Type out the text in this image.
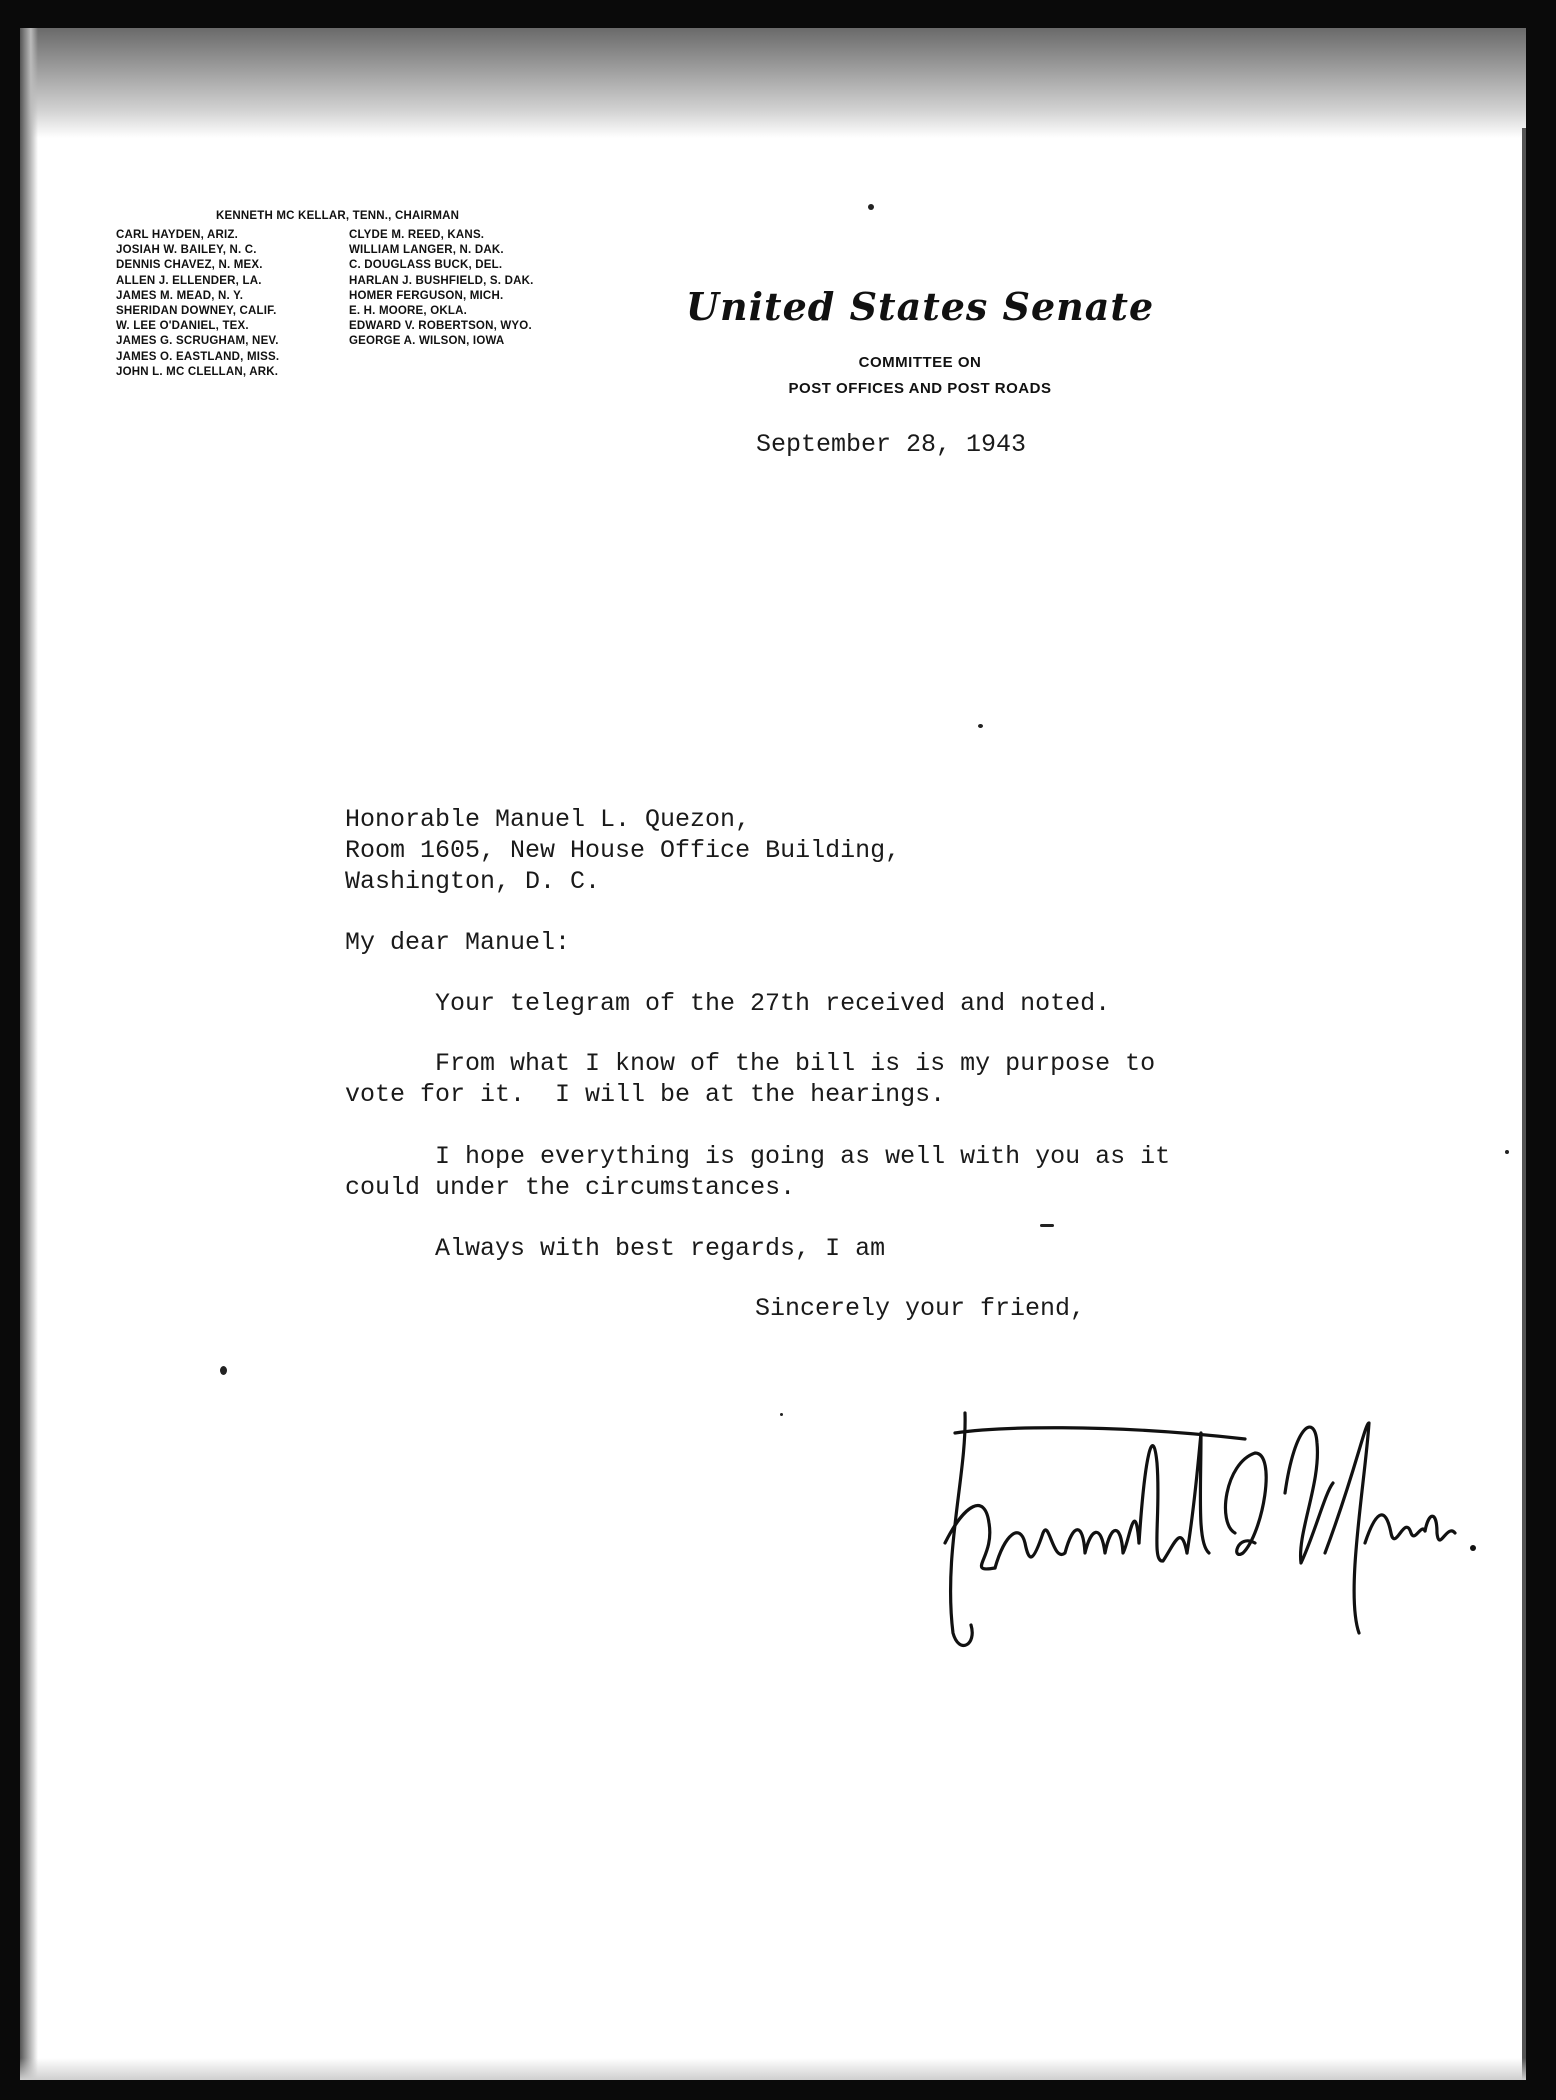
KENNETH MC KELLAR, TENN., CHAIRMAN
CARL HAYDEN, ARIZ.
JOSIAH W. BAILEY, N. C.
DENNIS CHAVEZ, N. MEX.
ALLEN J. ELLENDER, LA.
JAMES M. MEAD, N. Y.
SHERIDAN DOWNEY, CALIF.
W. LEE O'DANIEL, TEX.
JAMES G. SCRUGHAM, NEV.
JAMES O. EASTLAND, MISS.
JOHN L. MC CLELLAN, ARK.
CLYDE M. REED, KANS.
WILLIAM LANGER, N. DAK.
C. DOUGLASS BUCK, DEL.
HARLAN J. BUSHFIELD, S. DAK.
HOMER FERGUSON, MICH.
E. H. MOORE, OKLA.
EDWARD V. ROBERTSON, WYO.
GEORGE A. WILSON, IOWA
United States Senate
COMMITTEE ON
POST OFFICES AND POST ROADS
September 28, 1943
Honorable Manuel L. Quezon,
Room 1605, New House Office Building,
Washington, D. C.
My dear Manuel:
Your telegram of the 27th received and noted.
From what I know of the bill is is my purpose to
vote for it.  I will be at the hearings.
I hope everything is going as well with you as it
could under the circumstances.
Always with best regards, I am
Sincerely your friend,
